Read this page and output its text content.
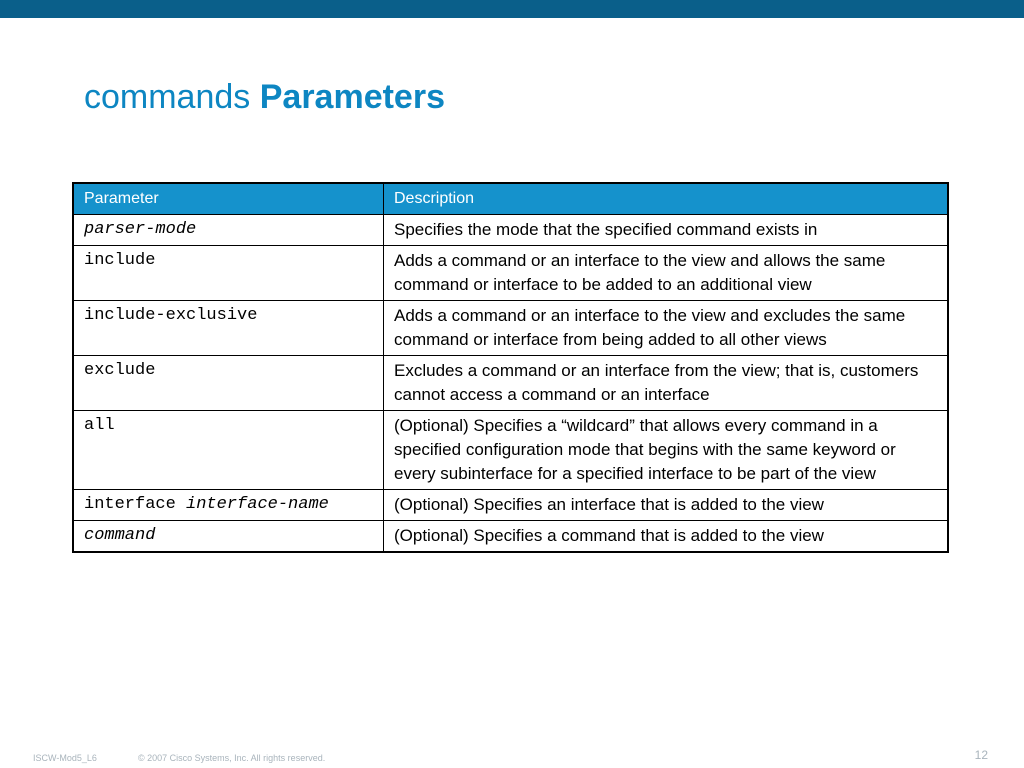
commands Parameters
Parameter	Description
parser-mode	Specifies the mode that the specified command exists in
include	Adds a command or an interface to the view and allows the same command or interface to be added to an additional view
include-exclusive	Adds a command or an interface to the view and excludes the same command or interface from being added to all other views
exclude	Excludes a command or an interface from the view; that is, customers cannot access a command or an interface
all	(Optional) Specifies a “wildcard” that allows every command in a specified configuration mode that begins with the same keyword or every subinterface for a specified interface to be part of the view
interface interface-name	(Optional) Specifies an interface that is added to the view
command	(Optional) Specifies a command that is added to the view
ISCW-Mod5_L6	© 2007 Cisco Systems, Inc. All rights reserved.	12
